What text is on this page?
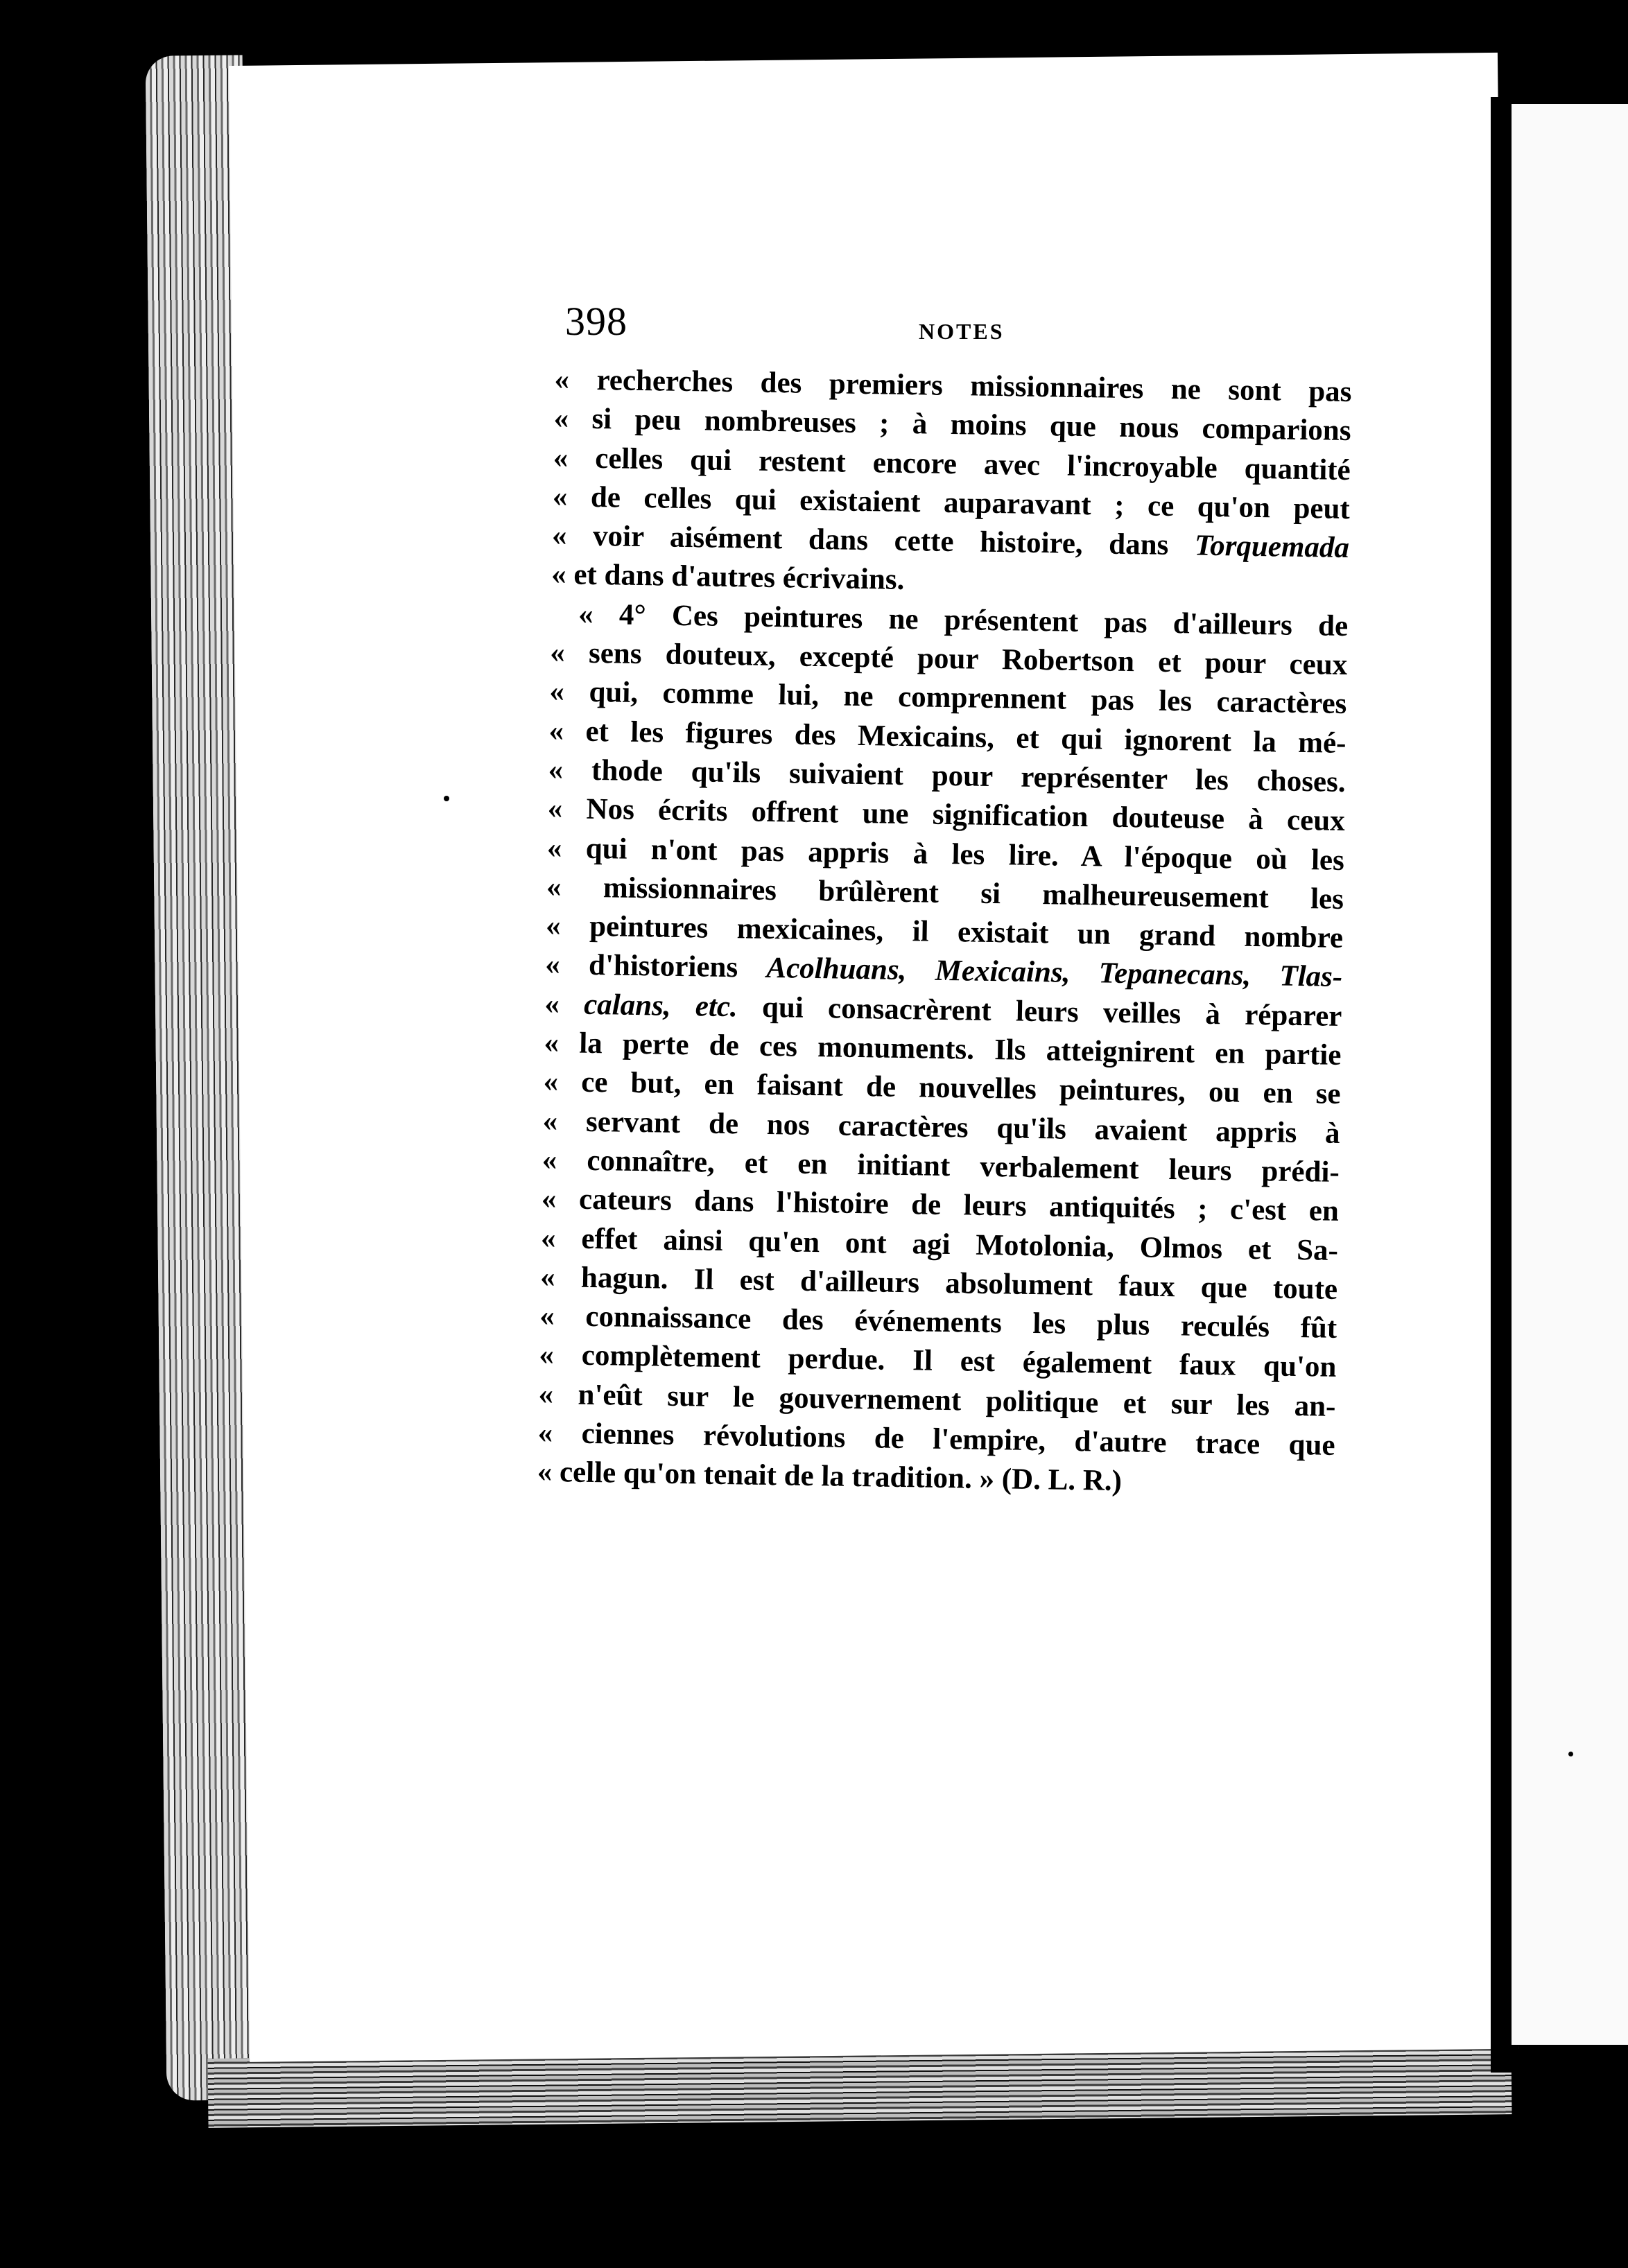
398	NOTES
« recherches des premiers missionnaires ne sont pas
« si peu nombreuses ; à moins que nous comparions
« celles qui restent encore avec l'incroyable quantité
« de celles qui existaient auparavant ; ce qu'on peut
« voir aisément dans cette histoire, dans Torquemada
« et dans d'autres écrivains.
« 4° Ces peintures ne présentent pas d'ailleurs de
« sens douteux, excepté pour Robertson et pour ceux
« qui, comme lui, ne comprennent pas les caractères
« et les figures des Mexicains, et qui ignorent la mé-
« thode qu'ils suivaient pour représenter les choses.
« Nos écrits offrent une signification douteuse à ceux
« qui n'ont pas appris à les lire. A l'époque où les
« missionnaires brûlèrent si malheureusement les
« peintures mexicaines, il existait un grand nombre
« d'historiens Acolhuans, Mexicains, Tepanecans, Tlas-
« calans, etc. qui consacrèrent leurs veilles à réparer
« la perte de ces monuments. Ils atteignirent en partie
« ce but, en faisant de nouvelles peintures, ou en se
« servant de nos caractères qu'ils avaient appris à
« connaître, et en initiant verbalement leurs prédi-
« cateurs dans l'histoire de leurs antiquités ; c'est en
« effet ainsi qu'en ont agi Motolonia, Olmos et Sa-
« hagun. Il est d'ailleurs absolument faux que toute
« connaissance des événements les plus reculés fût
« complètement perdue. Il est également faux qu'on
« n'eût sur le gouvernement politique et sur les an-
« ciennes révolutions de l'empire, d'autre trace que
« celle qu'on tenait de la tradition. » (D. L. R.)
